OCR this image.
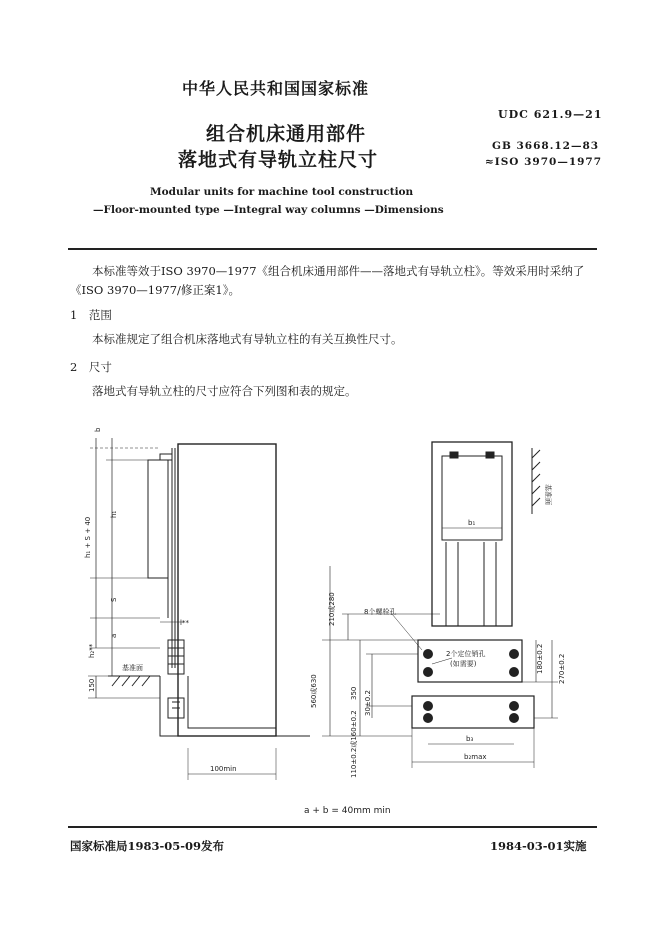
中华人民共和国国家标准
UDC 621.9—21
组合机床通用部件
落地式有导轨立柱尺寸
GB 3668.12—83
≈ISO 3970—1977
Modular units for machine tool construction
—Floor-mounted type —Integral way columns —Dimensions
本标准等效于ISO 3970—1977《组合机床通用部件——落地式有导轨立柱》。等效采用时采纳了《ISO 3970—1977/修正案1》。
1　范围
本标准规定了组合机床落地式有导轨立柱的有关互换性尺寸。
2　尺寸
落地式有导轨立柱的尺寸应符合下列图和表的规定。
b
h₁
h₁ + S + 40
S
a
h₂**
l**
基准面
150
100min
基准面
b₁
8个螺栓孔
2个定位销孔
(如需要)
210或280
560或630	350 30±0.2
110±0.2或160±0.2
180±0.2 270±0.2
b₃
b₂max
a + b = 40mm min
国家标准局1983-05-09发布	1984-03-01实施
